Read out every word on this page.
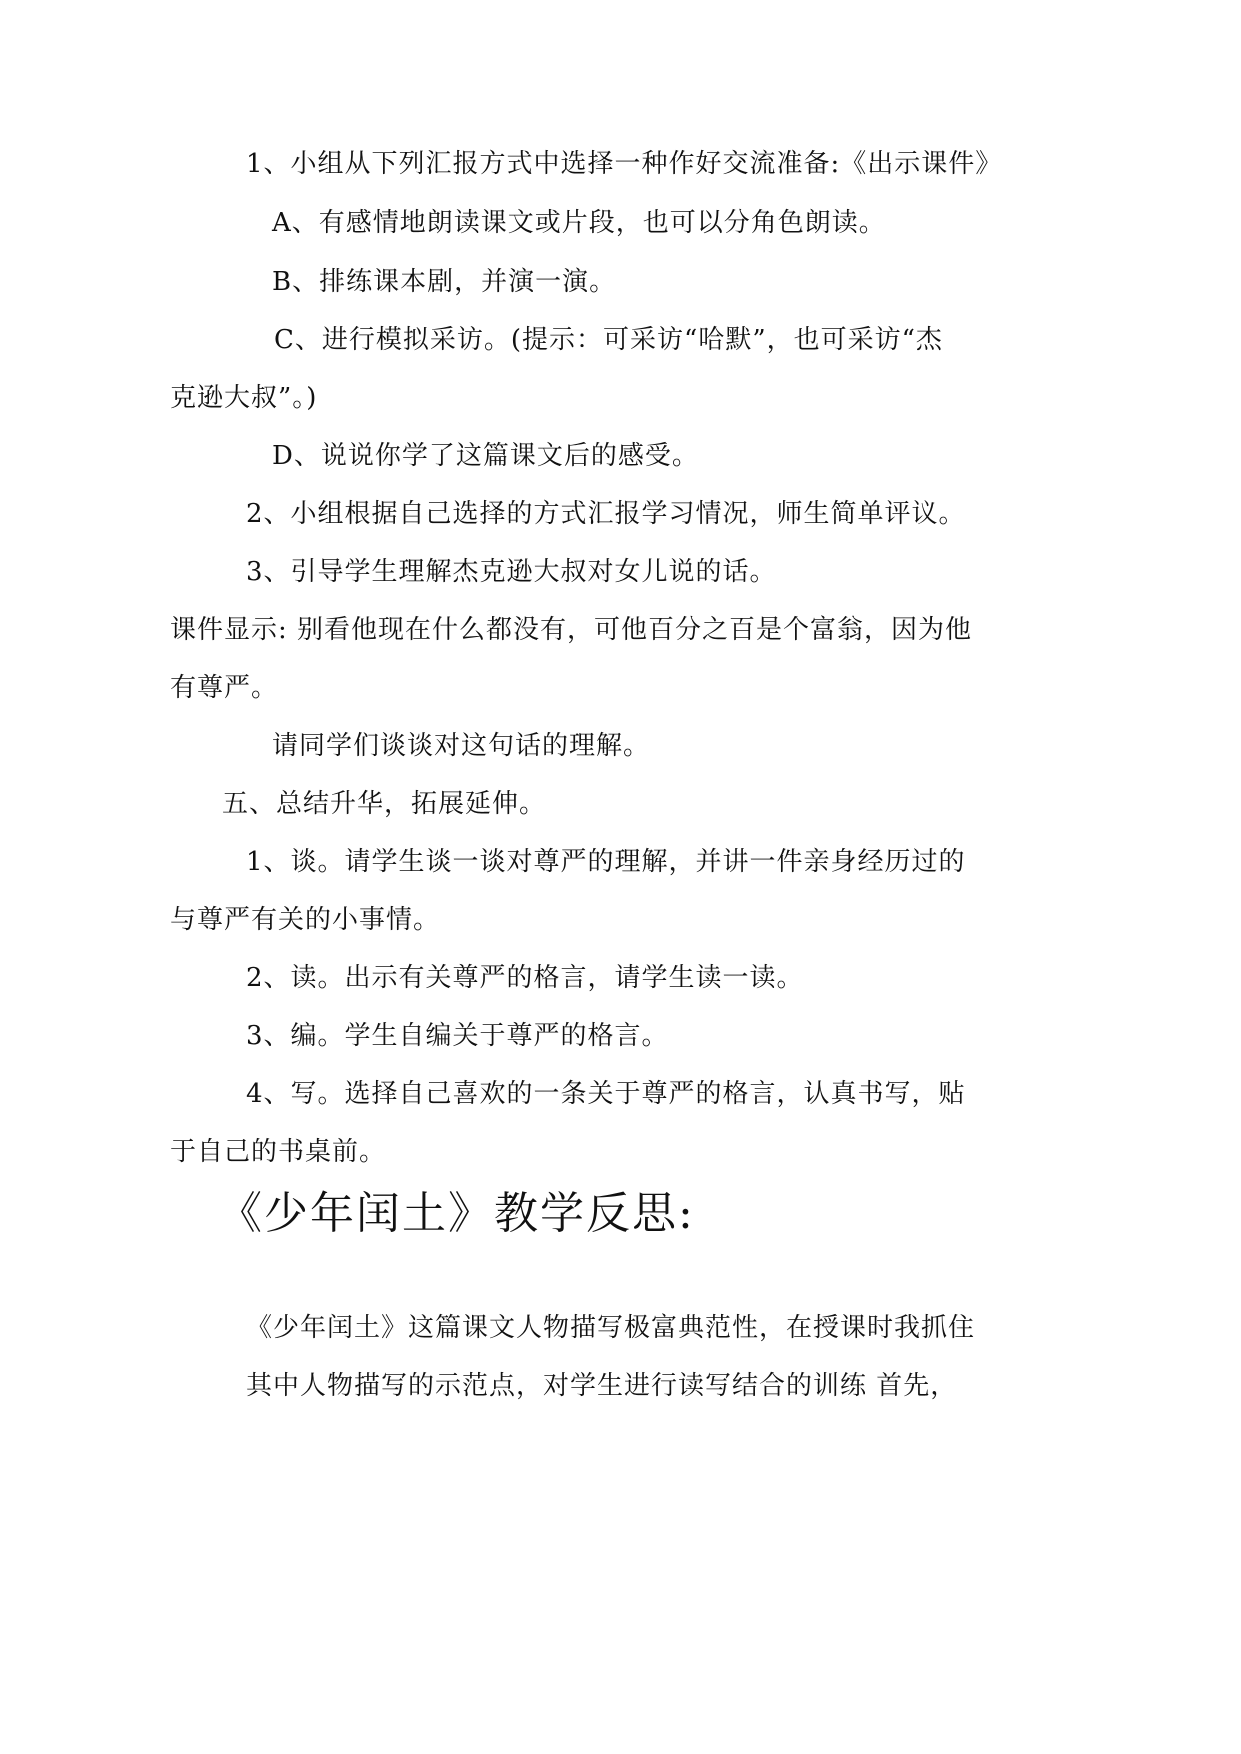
1、小组从下列汇报方式中选择一种作好交流准备:《出示课件》
A、有感情地朗读课文或片段，也可以分角色朗读。
B、排练课本剧，并演一演。
C、进行模拟采访。(提示：可采访“哈默”，也可采访“杰
克逊大叔”。)
D、说说你学了这篇课文后的感受。
2、小组根据自己选择的方式汇报学习情况，师生简单评议。
3、引导学生理解杰克逊大叔对女儿说的话。
课件显示: 别看他现在什么都没有，可他百分之百是个富翁，因为他
有尊严。
请同学们谈谈对这句话的理解。
五、总结升华，拓展延伸。
1、谈。请学生谈一谈对尊严的理解，并讲一件亲身经历过的
与尊严有关的小事情。
2、读。出示有关尊严的格言，请学生读一读。
3、编。学生自编关于尊严的格言。
4、写。选择自己喜欢的一条关于尊严的格言，认真书写，贴
于自己的书桌前。
《少年闰土》教学反思:
《少年闰土》这篇课文人物描写极富典范性，在授课时我抓住
其中人物描写的示范点，对学生进行读写结合的训练 首先，
